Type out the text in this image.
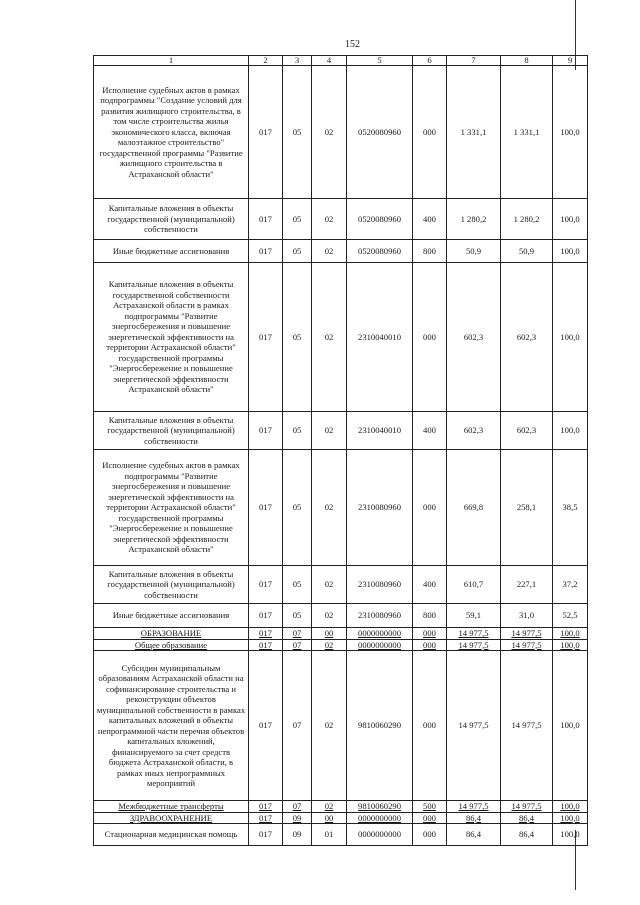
152
1	2	3	4	5	6	7	8	9
Исполнение судебных актов в рамках подпрограммы "Создание условий для развития жилищного строительства, в том числе строительства жилья экономического класса, включая малоэтажное строительство" государственной программы "Развитие жилищного строительства в Астраханской области"	017	05	02	0520080960	000	1 331,1	1 331,1	100,0
Капитальные вложения в объекты государственной (муниципальной) собственности	017	05	02	0520080960	400	1 280,2	1 280,2	100,0
Иные бюджетные ассигнования	017	05	02	0520080960	800	50,9	50,9	100,0
Капитальные вложения в объекты государственной собственности Астраханской области в рамках подпрограммы "Развитие энергосбережения и повышение энергетической эффективности на территории Астраханской области" государственной программы "Энергосбережение и повышение энергетической эффективности Астраханской области"	017	05	02	2310040010	000	602,3	602,3	100,0
Капитальные вложения в объекты государственной (муниципальной) собственности	017	05	02	2310040010	400	602,3	602,3	100,0
Исполнение судебных актов в рамках подпрограммы "Развитие энергосбережения и повышение энергетической эффективности на территории Астраханской области" государственной программы "Энергосбережение и повышение энергетической эффективности Астраханской области"	017	05	02	2310080960	000	669,8	258,1	38,5
Капитальные вложения в объекты государственной (муниципальной) собственности	017	05	02	2310080960	400	610,7	227,1	37,2
Иные бюджетные ассигнования	017	05	02	2310080960	800	59,1	31,0	52,5
ОБРАЗОВАНИЕ	017	07	00	0000000000	000	14 977,5	14 977,5	100,0
Общее образование	017	07	02	0000000000	000	14 977,5	14 977,5	100,0
Субсидии муниципальным образованиям Астраханской области на софинансирование строительства и реконструкции объектов муниципальной собственности в рамках капитальных вложений в объекты непрограммной части перечня объектов капитальных вложений, финансируемого за счет средств бюджета Астраханской области, в рамках иных непрограммных мероприятий	017	07	02	9810060290	000	14 977,5	14 977,5	100,0
Межбюджетные трансферты	017	07	02	9810060290	500	14 977,5	14 977,5	100,0
ЗДРАВООХРАНЕНИЕ	017	09	00	0000000000	000	86,4	86,4	100,0
Стационарная медицинская помощь	017	09	01	0000000000	000	86,4	86,4	100,0
